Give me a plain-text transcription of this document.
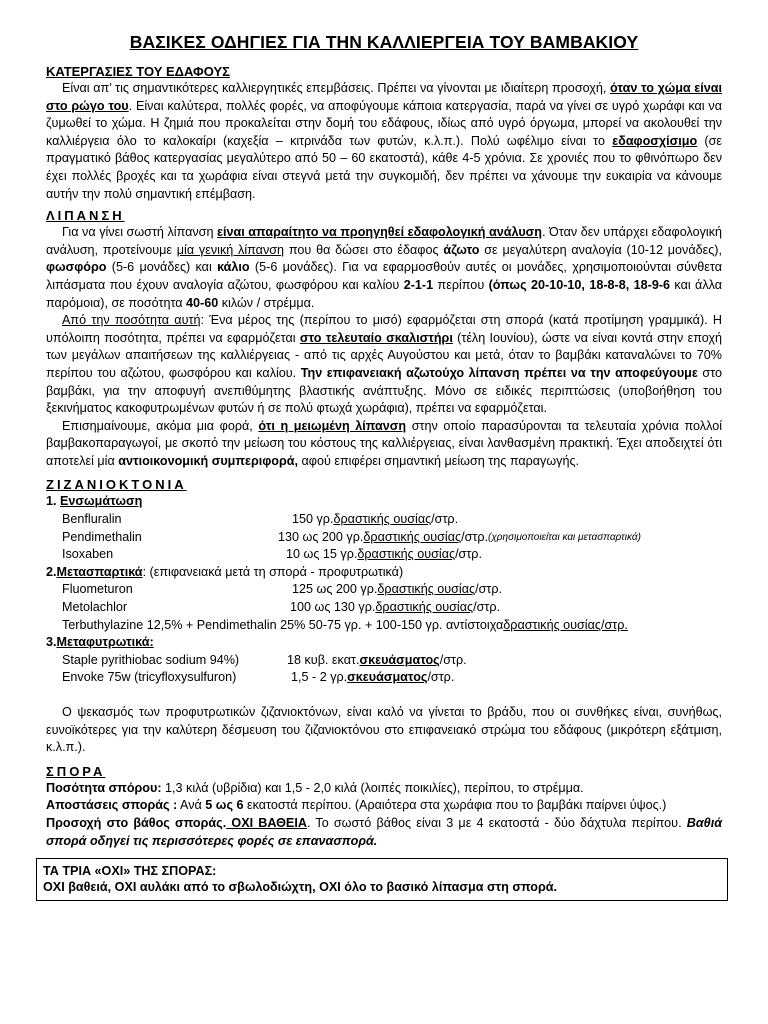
ΒΑΣΙΚΕΣ ΟΔΗΓΙΕΣ ΓΙΑ ΤΗΝ ΚΑΛΛΙΕΡΓΕΙΑ ΤΟΥ ΒΑΜΒΑΚΙΟΥ
ΚΑΤΕΡΓΑΣΙΕΣ ΤΟΥ ΕΔΑΦΟΥΣ

Είναι απ’ τις σημαντικότερες καλλιεργητικές επεμβάσεις. Πρέπει να γίνονται με ιδιαίτερη προσοχή, όταν το χώμα είναι στο ρώγο του. Είναι καλύτερα, πολλές φορές, να αποφύγουμε κάποια κατεργασία, παρά να γίνει σε υγρό χωράφι και να ζυμωθεί το χώμα. Η ζημιά που προκαλείται στην δομή του εδάφους, ιδίως από υγρό όργωμα, μπορεί να ακολουθεί την καλλιέργεια όλο το καλοκαίρι (καχεξία – κιτρινάδα των φυτών, κ.λ.π.). Πολύ ωφέλιμο είναι το εδαφοσχίσιμο (σε πραγματικό βάθος κατεργασίας μεγαλύτερο από 50 – 60 εκατοστά), κάθε 4-5 χρόνια. Σε χρονιές που το φθινόπωρο δεν έχει πολλές βροχές και τα χωράφια είναι στεγνά μετά την συγκομιδή, δεν πρέπει να χάνουμε την ευκαιρία να κάνουμε αυτήν την πολύ σημαντική επέμβαση.

ΛΙΠΑΝΣΗ

Για να γίνει σωστή λίπανση είναι απαραίτητο να προηγηθεί εδαφολογική ανάλυση. Όταν δεν υπάρχει εδαφολογική ανάλυση, προτείνουμε μία γενική λίπανση που θα δώσει στο έδαφος άζωτο σε μεγαλύτερη αναλογία (10-12 μονάδες), φωσφόρο (5-6 μονάδες) και κάλιο (5-6 μονάδες). Για να εφαρμοσθούν αυτές οι μονάδες, χρησιμοποιούνται σύνθετα λιπάσματα που έχουν αναλογία αζώτου, φωσφόρου και καλίου 2-1-1 περίπου (όπως 20-10-10, 18-8-8, 18-9-6 και άλλα παρόμοια), σε ποσότητα 40-60 κιλών / στρέμμα.

Από την ποσότητα αυτή: Ένα μέρος της (περίπου το μισό) εφαρμόζεται στη σπορά (κατά προτίμηση γραμμικά). Η υπόλοιπη ποσότητα, πρέπει να εφαρμόζεται στο τελευταίο σκαλιστήρι (τέλη Ιουνίου), ώστε να είναι κοντά στην εποχή των μεγάλων απαιτήσεων της καλλιέργειας - από τις αρχές Αυγούστου και μετά, όταν το βαμβάκι καταναλώνει το 70% περίπου του αζώτου, φωσφόρου και καλίου. Την επιφανειακή αζωτούχο λίπανση πρέπει να την αποφεύγουμε στο βαμβάκι, για την αποφυγή ανεπιθύμητης βλαστικής ανάπτυξης. Μόνο σε ειδικές περιπτώσεις (υποβοήθηση του ξεκινήματος κακοφυτρωμένων φυτών ή σε πολύ φτωχά χωράφια), πρέπει να εφαρμόζεται.

Επισημαίνουμε, ακόμα μια φορά, ότι η μειωμένη λίπανση στην οποίο παρασύρονται τα τελευταία χρόνια πολλοί βαμβακοπαραγωγοί, με σκοπό την μείωση του κόστους της καλλιέργειας, είναι λανθασμένη πρακτική. Έχει αποδειχτεί ότι αποτελεί μία αντιοικονομική συμπεριφορά, αφού επιφέρει σημαντική μείωση της παραγωγής.

ΖΙΖΑΝΙΟΚΤΟΝΙΑ
1. Ενσωμάτωση
Benfluralin	150 γρ. δραστικής ουσίας /στρ.
Pendimethalin	130 ως 200 γρ. δραστικής ουσίας /στρ. (χρησιμοποιείται και μετασπαρτικά)
Isoxaben	10 ως 15 γρ. δραστικής ουσίας /στρ.
2.Μετασπαρτικά: (επιφανειακά μετά τη σπορά - προφυτρωτικά)
Fluometuron	125 ως 200 γρ. δραστικής ουσίας /στρ.
Metolachlor	100 ως 130 γρ. δραστικής ουσίας /στρ.
Terbuthylazine 12,5% + Pendimethalin 25% 50-75 γρ. + 100-150 γρ. αντίστοιχα δραστικής ουσίας/στρ.
3.Μεταφυτρωτικά:
Staple pyrithiobac sodium 94%)	18 κυβ. εκατ. σκευάσματος /στρ.
Envoke 75w (tricyfloxysulfuron)	1,5 - 2 γρ. σκευάσματος /στρ.

Ο ψεκασμός των προφυτρωτικών ζιζανιοκτόνων, είναι καλό να γίνεται το βράδυ, που οι συνθήκες είναι, συνήθως, ευνοϊκότερες για την καλύτερη δέσμευση του ζιζανιοκτόνου στο επιφανειακό στρώμα του εδάφους (μικρότερη εξάτμιση, κ.λ.π.).

ΣΠΟΡΑ

Ποσότητα σπόρου: 1,3 κιλά (υβρίδια) και 1,5 - 2,0 κιλά (λοιπές ποικιλίες), περίπου, το στρέμμα.

Αποστάσεις σποράς : Ανά 5 ως 6 εκατοστά περίπου. (Αραιότερα στα χωράφια που το βαμβάκι παίρνει ύψος.)

Προσοχή στο βάθος σποράς. ΟΧΙ ΒΑΘΕΙΑ. Το σωστό βάθος είναι 3 με 4 εκατοστά - δύο δάχτυλα περίπου. Βαθιά σπορά οδηγεί τις περισσότερες φορές σε επανασπορά.

ΤΑ ΤΡΙΑ «ΟΧΙ» ΤΗΣ ΣΠΟΡΑΣ:
ΟΧΙ βαθειά, ΟΧΙ αυλάκι από το σβωλοδιώχτη, ΟΧΙ όλο το βασικό λίπασμα στη σπορά.
